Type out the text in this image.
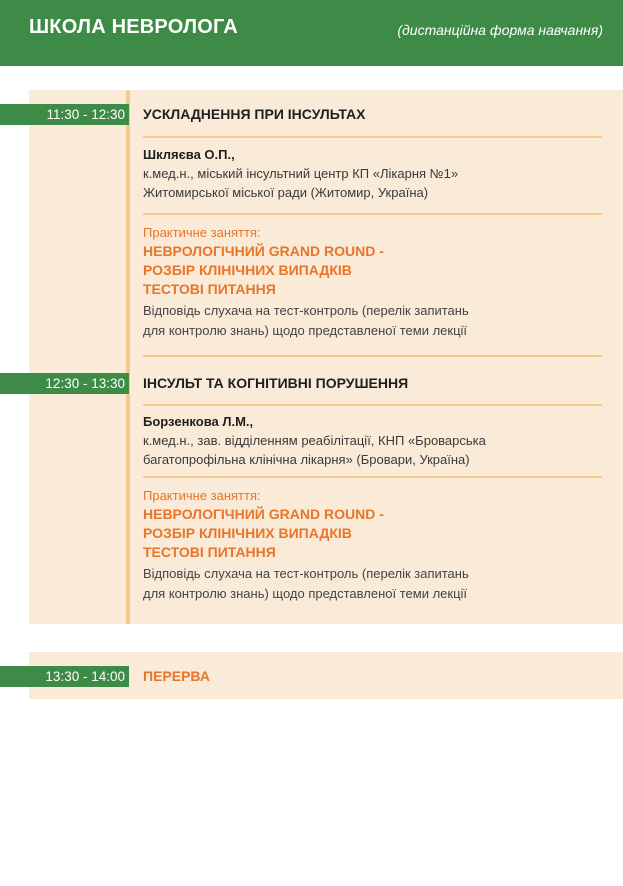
ШКОЛА НЕВРОЛОГА	(дистанційна форма навчання)
11:30 - 12:30 УСКЛАДНЕННЯ ПРИ ІНСУЛЬТАХ
Шкляєва О.П.,
к.мед.н., міський інсультний центр КП «Лікарня №1»
Житомирської міської ради (Житомир, Україна)
Практичне заняття:
НЕВРОЛОГІЧНИЙ GRAND ROUND -
РОЗБІР КЛІНІЧНИХ ВИПАДКІВ
ТЕСТОВІ ПИТАННЯ
Відповідь слухача на тест-контроль (перелік запитань
для контролю знань) щодо представленої теми лекції
12:30 - 13:30 ІНСУЛЬТ ТА КОГНІТИВНІ ПОРУШЕННЯ
Борзенкова Л.М.,
к.мед.н., зав. відділенням реабілітації, КНП «Броварська
багатопрофільна клінічна лікарня» (Бровари, Україна)
Практичне заняття:
НЕВРОЛОГІЧНИЙ GRAND ROUND -
РОЗБІР КЛІНІЧНИХ ВИПАДКІВ
ТЕСТОВІ ПИТАННЯ
Відповідь слухача на тест-контроль (перелік запитань
для контролю знань) щодо представленої теми лекції
13:30 - 14:00 ПЕРЕРВА
